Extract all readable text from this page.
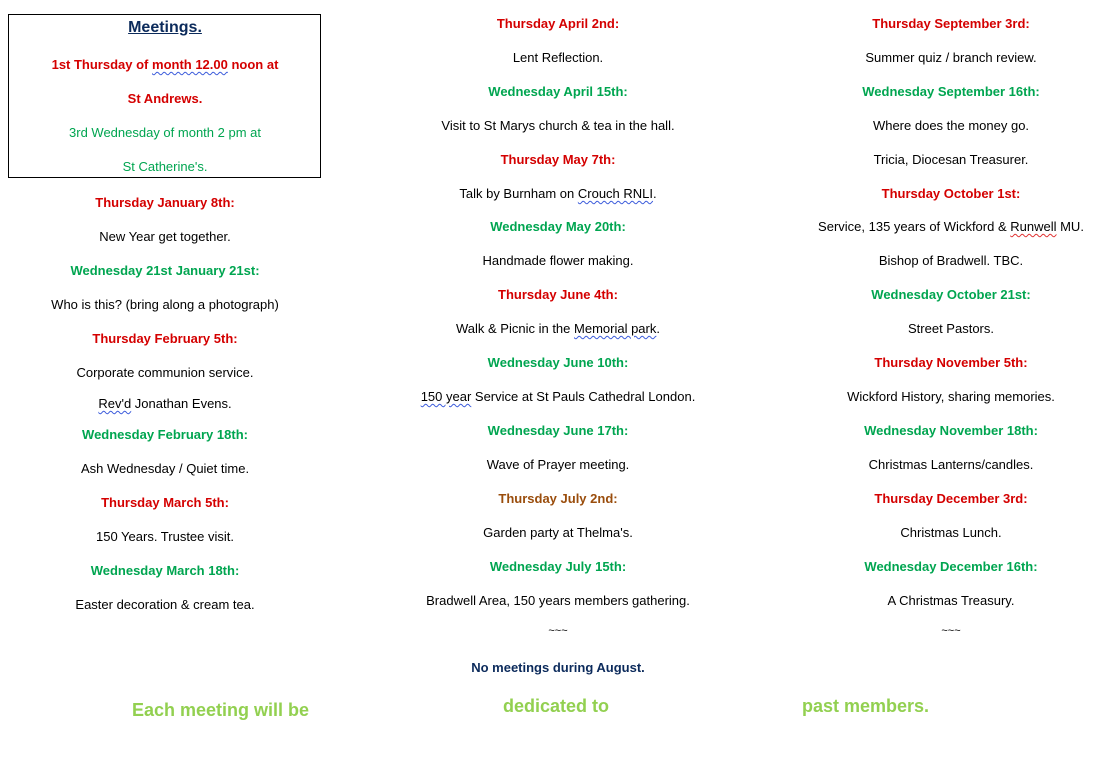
Meetings.
1st Thursday of month 12.00 noon at
St Andrews.
3rd Wednesday of month 2 pm at
St Catherine's.
Thursday January 8th:
New Year get together.
Wednesday 21st January 21st:
Who is this? (bring along a photograph)
Thursday February 5th:
Corporate communion service.
Rev'd Jonathan Evens.
Wednesday February 18th:
Ash Wednesday / Quiet time.
Thursday March 5th:
150 Years. Trustee visit.
Wednesday March 18th:
Easter decoration & cream tea.
Thursday April 2nd:
Lent Reflection.
Wednesday April 15th:
Visit to St Marys church & tea in the hall.
Thursday May 7th:
Talk by Burnham on Crouch RNLI.
Wednesday May 20th:
Handmade flower making.
Thursday June 4th:
Walk & Picnic in the Memorial park.
Wednesday June 10th:
150 year Service at St Pauls Cathedral London.
Wednesday June 17th:
Wave of Prayer meeting.
Thursday July 2nd:
Garden party at Thelma's.
Wednesday July 15th:
Bradwell Area, 150 years members gathering.
~~~
No meetings during August.
Thursday September 3rd:
Summer quiz / branch review.
Wednesday September 16th:
Where does the money go.
Tricia, Diocesan Treasurer.
Thursday October 1st:
Service, 135 years of Wickford & Runwell MU.
Bishop of Bradwell. TBC.
Wednesday October 21st:
Street Pastors.
Thursday November 5th:
Wickford History, sharing memories.
Wednesday November 18th:
Christmas Lanterns/candles.
Thursday December 3rd:
Christmas Lunch.
Wednesday December 16th:
A Christmas Treasury.
~~~
Each meeting will be	dedicated to	past members.
